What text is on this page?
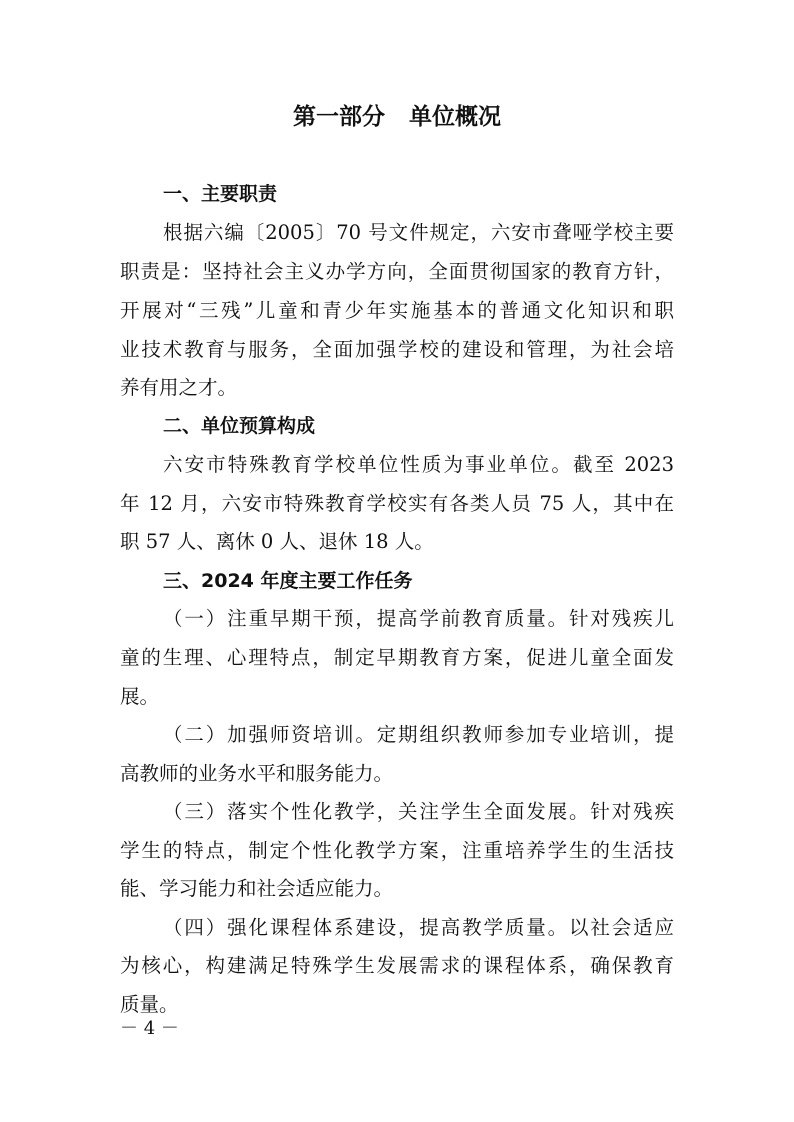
第一部分 单位概况
一、主要职责
根据六编〔2005〕70 号文件规定，六安市聋哑学校主要
职责是：坚持社会主义办学方向，全面贯彻国家的教育方针，
开展对“三残”儿童和青少年实施基本的普通文化知识和职
业技术教育与服务，全面加强学校的建设和管理，为社会培
养有用之才。
二、单位预算构成
六安市特殊教育学校单位性质为事业单位。截至 2023
年 12 月，六安市特殊教育学校实有各类人员 75 人，其中在
职 57 人、离休 0 人、退休 18 人。
三、2024 年度主要工作任务
（一）注重早期干预，提高学前教育质量。针对残疾儿
童的生理、心理特点，制定早期教育方案，促进儿童全面发
展。
（二）加强师资培训。定期组织教师参加专业培训，提
高教师的业务水平和服务能力。
（三）落实个性化教学，关注学生全面发展。针对残疾
学生的特点，制定个性化教学方案，注重培养学生的生活技
能、学习能力和社会适应能力。
（四）强化课程体系建设，提高教学质量。以社会适应
为核心，构建满足特殊学生发展需求的课程体系，确保教育
质量。
－ 4 －
